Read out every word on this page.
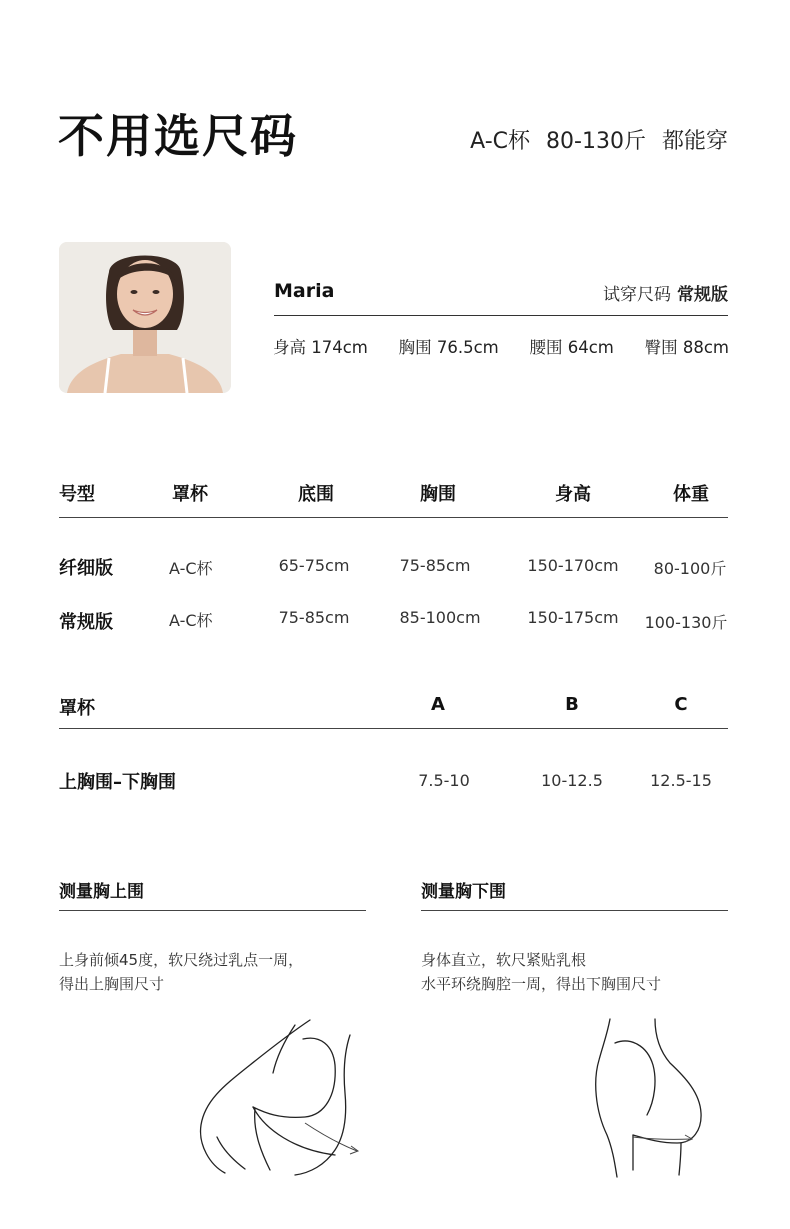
不用选尺码	A-C杯 80-130斤 都能穿
Maria	试穿尺码 常规版
身高 174cm 胸围 76.5cm 腰围 64cm 臀围 88cm
号型	罩杯	底围	胸围	身高	体重
纤细版	A-C杯	65-75cm	75-85cm	150-170cm 80-100斤
常规版	A-C杯	75-85cm	85-100cm	150-175cm 100-130斤
罩杯	A	B	C
上胸围–下胸围	7.5-10	10-12.5	12.5-15
测量胸上围
上身前倾45度，软尺绕过乳点一周，
得出上胸围尺寸
测量胸下围
身体直立，软尺紧贴乳根
水平环绕胸腔一周，得出下胸围尺寸
